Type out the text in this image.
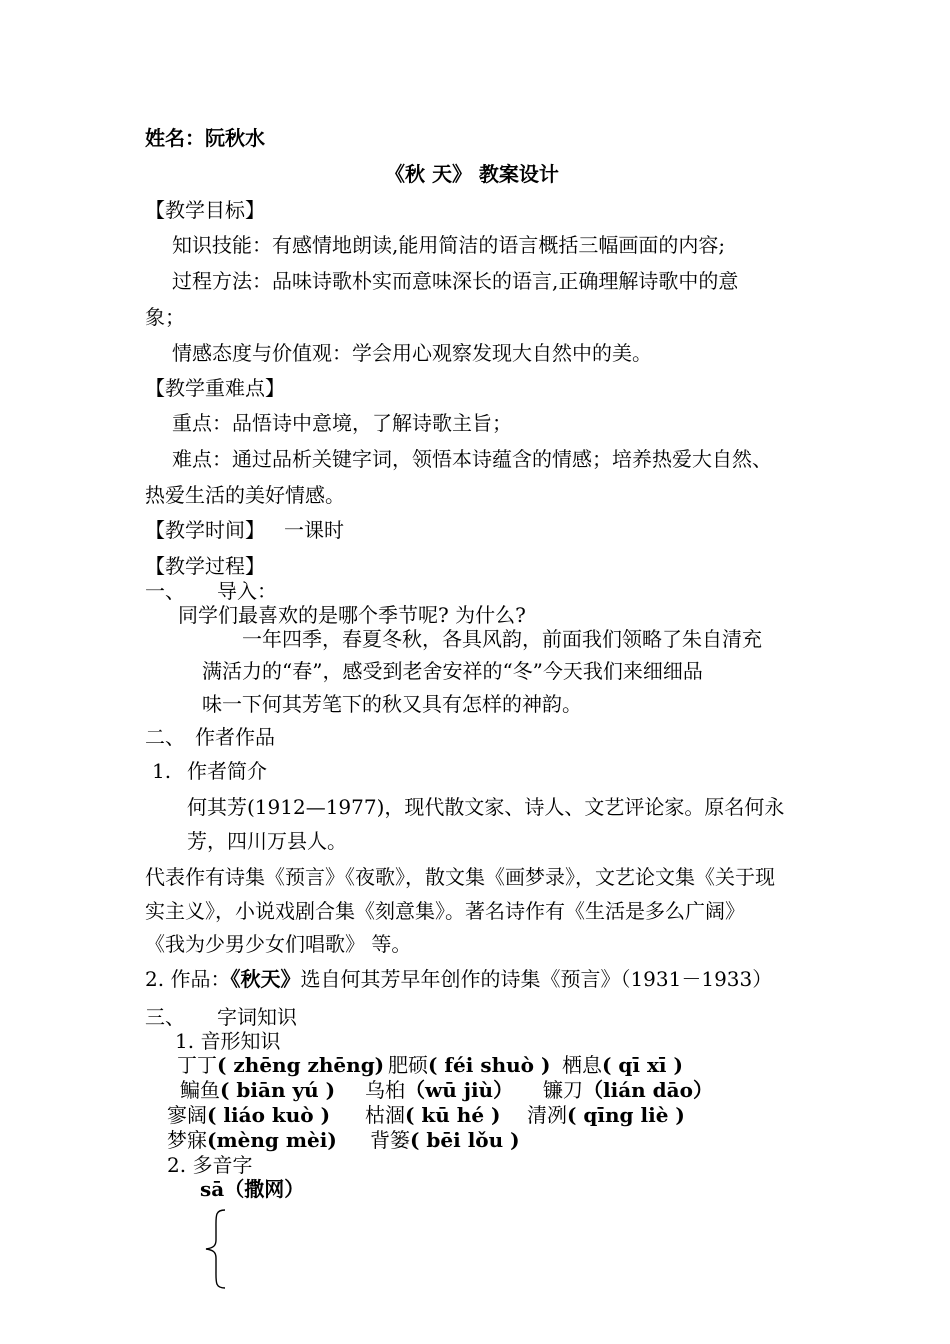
姓名：阮秋水
《秋 天》 教案设计
【教学目标】
知识技能：有感情地朗读,能用简洁的语言概括三幅画面的内容;
过程方法：品味诗歌朴实而意味深长的语言,正确理解诗歌中的意
象；
情感态度与价值观：学会用心观察发现大自然中的美。
【教学重难点】
重点：品悟诗中意境，了解诗歌主旨；
难点：通过品析关键字词，领悟本诗蕴含的情感；培养热爱大自然、
热爱生活的美好情感。
【教学时间】 一课时
【教学过程】
一、 导入：
同学们最喜欢的是哪个季节呢? 为什么?
一年四季，春夏冬秋，各具风韵，前面我们领略了朱自清充
满活力的“春”，感受到老舍安祥的“冬”今天我们来细细品
味一下何其芳笔下的秋又具有怎样的神韵。
二、 作者作品
1. 作者简介
何其芳(1912—1977)，现代散文家、诗人、文艺评论家。原名何永
芳，四川万县人。
代表作有诗集《预言》《夜歌》，散文集《画梦录》，文艺论文集《关于现
实主义》，小说戏剧合集《刻意集》。著名诗作有《生活是多么广阔》
《我为少男少女们唱歌》 等。
2. 作品：《秋天》选自何其芳早年创作的诗集《预言》（1931－1933）
三、 字词知识
1. 音形知识
丁丁( zhēng zhēng) 肥硕( féi shuò ) 栖息( qī xī )
鳊鱼( biān yú ) 乌桕（wū jiù） 镰刀（lián dāo）
寥阔( liáo kuò ) 枯涸( kū hé ) 清冽( qīng liè )
梦寐(mèng mèi) 背篓( bēi lǒu )
2. 多音字
sā（撒网）
